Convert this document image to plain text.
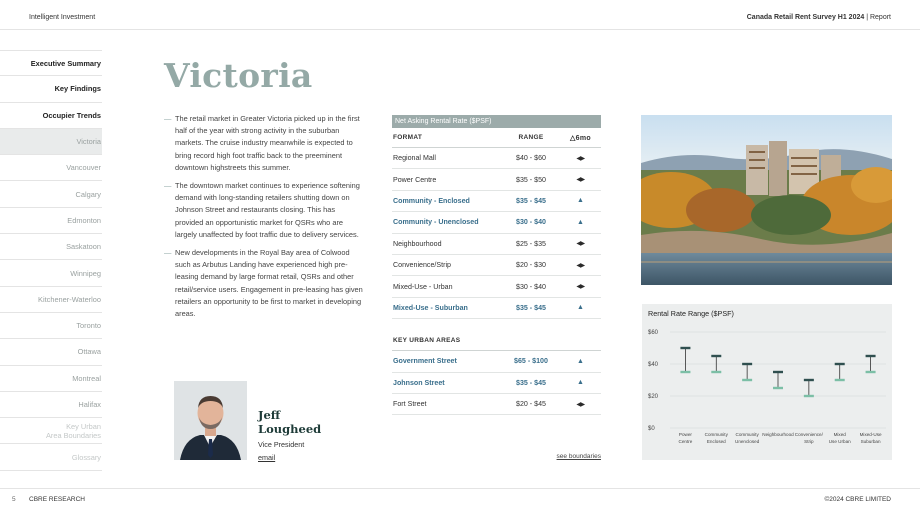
Intelligent Investment	Canada Retail Rent Survey H1 2024 | Report
Executive Summary
Key Findings
Occupier Trends
Victoria
Vancouver
Calgary
Edmonton
Saskatoon
Winnipeg
Kitchener-Waterloo
Toronto
Ottawa
Montreal
Halifax
Key Urban
Area Boundaries
Glossary
Victoria
— The retail market in Greater Victoria picked up in the first half of the year with strong activity in the suburban markets. The cruise industry meanwhile is expected to bring record high foot traffic back to the preeminent downtown highstreets this summer.
— The downtown market continues to experience softening demand with long-standing retailers shutting down on Johnson Street and restaurants closing. This has provided an opportunistic market for QSRs who are largely unaffected by foot traffic due to delivery services.
— New developments in the Royal Bay area of Colwood such as Arbutus Landing have experienced high pre-leasing demand by large format retail, QSRs and other retail/service users. Engagement in pre-leasing has given retailers an opportunity to be first to market in developing areas.
Jeff
Lougheed
Vice President
email
Net Asking Rental Rate ($PSF)
FORMAT	RANGE	△6mo
Regional Mall	$40 - $60	◀▶
Power Centre	$35 - $50	◀▶
Community - Enclosed	$35 - $45	▲
Community - Unenclosed	$30 - $40	▲
Neighbourhood	$25 - $35	◀▶
Convenience/Strip	$20 - $30	◀▶
Mixed-Use - Urban	$30 - $40	◀▶
Mixed-Use - Suburban	$35 - $45	▲
KEY URBAN AREAS
Government Street	$65 - $100	▲
Johnson Street	$35 - $45	▲
Fort Street	$20 - $45	◀▶
see boundaries
Rental Rate Range ($PSF)
$60
$40
$20
$0
Power
Centre
Community
Enclosed
Community
Unenclosed
Neighbourhood Convenience/
Strip
Mixed
Use Urban
Mixed-Use
Suburban
5 CBRE RESEARCH	©2024 CBRE LIMITED
